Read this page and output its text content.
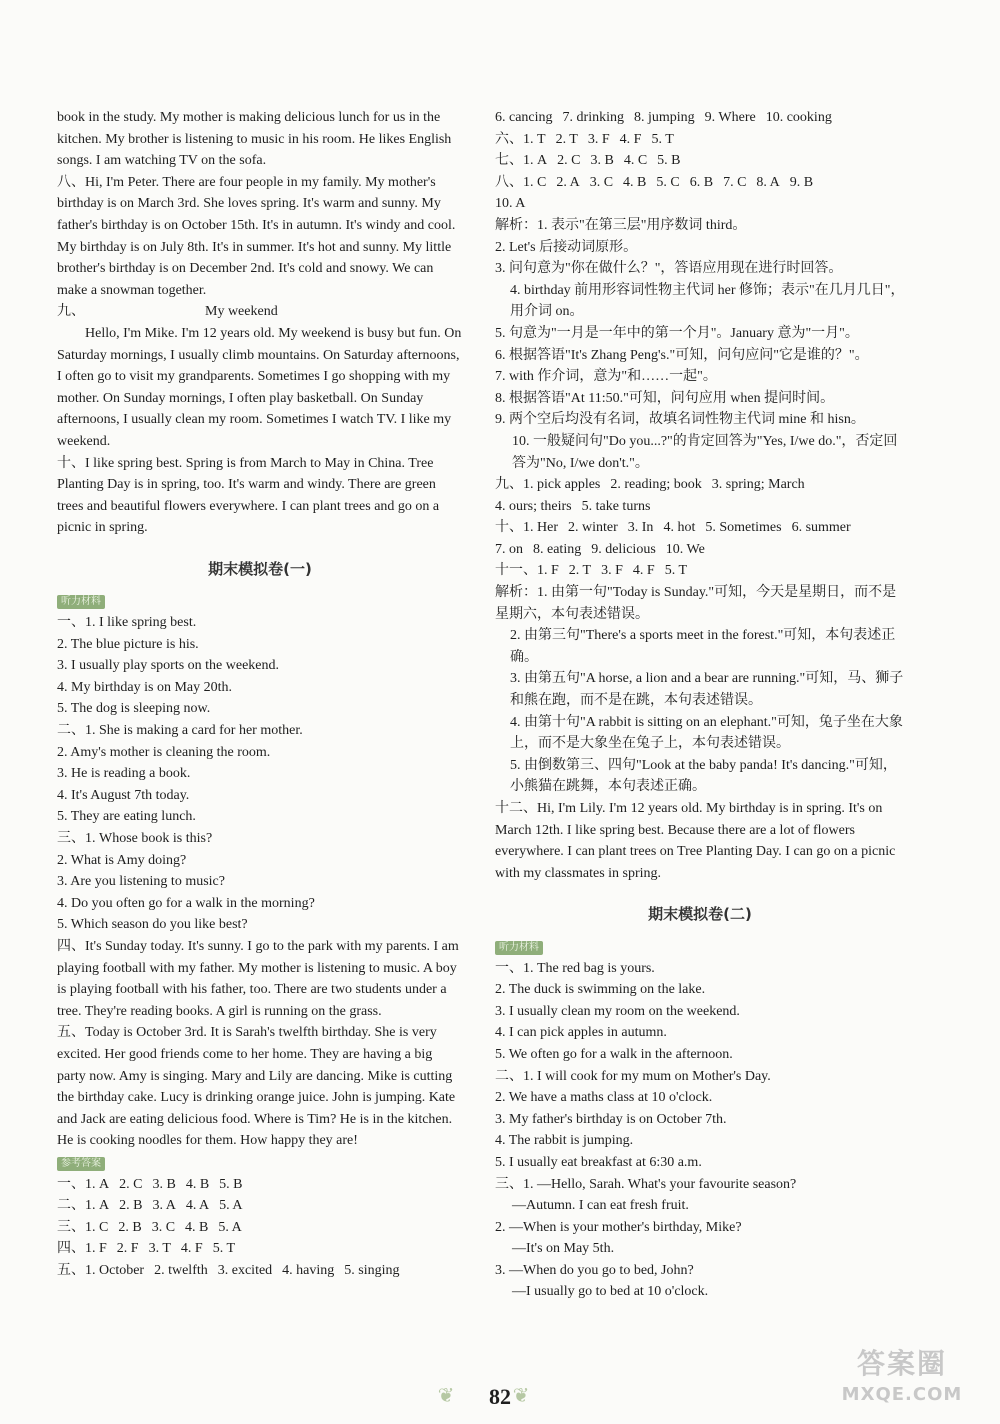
book in the study. My mother is making delicious lunch for us in the kitchen. My brother is listening to music in his room. He likes English songs. I am watching TV on the sofa.

八、Hi, I'm Peter. There are four people in my family. My mother's birthday is on March 3rd. She loves spring. It's warm and sunny. My father's birthday is on October 15th. It's in autumn. It's windy and cool. My birthday is on July 8th. It's in summer. It's hot and sunny. My little brother's birthday is on December 2nd. It's cold and snowy. We can make a snowman together.

九、	My weekend

Hello, I'm Mike. I'm 12 years old. My weekend is busy but fun. On Saturday mornings, I usually climb mountains. On Saturday afternoons, I often go to visit my grandparents. Sometimes I go shopping with my mother. On Sunday mornings, I often play basketball. On Sunday afternoons, I usually clean my room. Sometimes I watch TV. I like my weekend.

十、I like spring best. Spring is from March to May in China. Tree Planting Day is in spring, too. It's warm and windy. There are green trees and beautiful flowers everywhere. I can plant trees and go on a picnic in spring.

期末模拟卷(一)

听力材料

一、1. I like spring best.

2. The blue picture is his.

3. I usually play sports on the weekend.

4. My birthday is on May 20th.

5. The dog is sleeping now.

二、1. She is making a card for her mother.

2. Amy's mother is cleaning the room.

3. He is reading a book.

4. It's August 7th today.

5. They are eating lunch.

三、1. Whose book is this?

2. What is Amy doing?

3. Are you listening to music?

4. Do you often go for a walk in the morning?

5. Which season do you like best?

四、It's Sunday today. It's sunny. I go to the park with my parents. I am playing football with my father. My mother is listening to music. A boy is playing football with his father, too. There are two students under a tree. They're reading books. A girl is running on the grass.

五、Today is October 3rd. It is Sarah's twelfth birthday. She is very excited. Her good friends come to her home. They are having a big party now. Amy is singing. Mary and Lily are dancing. Mike is cutting the birthday cake. Lucy is drinking orange juice. John is jumping. Kate and Jack are eating delicious food. Where is Tim? He is in the kitchen. He is cooking noodles for them. How happy they are!

参考答案

一、1. A 2. C 3. B 4. B 5. B

二、1. A 2. B 3. A 4. A 5. A

三、1. C 2. B 3. C 4. B 5. A

四、1. F 2. F 3. T 4. F 5. T

五、1. October 2. twelfth 3. excited 4. having 5. singing

6. cancing 7. drinking 8. jumping 9. Where 10. cooking

六、1. T 2. T 3. F 4. F 5. T

七、1. A 2. C 3. B 4. C 5. B

八、1. C 2. A 3. C 4. B 5. C 6. B 7. C 8. A 9. B

10. A

解析：1. 表示"在第三层"用序数词 third。

2. Let's 后接动词原形。

3. 问句意为"你在做什么？"，答语应用现在进行时回答。

4. birthday 前用形容词性物主代词 her 修饰；表示"在几月几日"，用介词 on。

5. 句意为"一月是一年中的第一个月"。January 意为"一月"。

6. 根据答语"It's Zhang Peng's."可知，问句应问"它是谁的？"。

7. with 作介词，意为"和……一起"。

8. 根据答语"At 11:50."可知，问句应用 when 提问时间。

9. 两个空后均没有名词，故填名词性物主代词 mine 和 hisn。

10. 一般疑问句"Do you...?"的肯定回答为"Yes, I/we do."，否定回答为"No, I/we don't."。

九、1. pick apples 2. reading; book 3. spring; March

4. ours; theirs 5. take turns

十、1. Her 2. winter 3. In 4. hot 5. Sometimes 6. summer

7. on 8. eating 9. delicious 10. We

十一、1. F 2. T 3. F 4. F 5. T

解析：1. 由第一句"Today is Sunday."可知，今天是星期日，而不是星期六，本句表述错误。

2. 由第三句"There's a sports meet in the forest."可知，本句表述正确。

3. 由第五句"A horse, a lion and a bear are running."可知，马、狮子和熊在跑，而不是在跳，本句表述错误。

4. 由第十句"A rabbit is sitting on an elephant."可知，兔子坐在大象上，而不是大象坐在兔子上，本句表述错误。

5. 由倒数第三、四句"Look at the baby panda! It's dancing."可知，小熊猫在跳舞，本句表述正确。

十二、Hi, I'm Lily. I'm 12 years old. My birthday is in spring. It's on March 12th. I like spring best. Because there are a lot of flowers everywhere. I can plant trees on Tree Planting Day. I can go on a picnic with my classmates in spring.

期末模拟卷(二)

听力材料

一、1. The red bag is yours.

2. The duck is swimming on the lake.

3. I usually clean my room on the weekend.

4. I can pick apples in autumn.

5. We often go for a walk in the afternoon.

二、1. I will cook for my mum on Mother's Day.

2. We have a maths class at 10 o'clock.

3. My father's birthday is on October 7th.

4. The rabbit is jumping.

5. I usually eat breakfast at 6:30 a.m.

三、1. —Hello, Sarah. What's your favourite season?

—Autumn. I can eat fresh fruit.

2. —When is your mother's birthday, Mike?

—It's on May 5th.

3. —When do you go to bed, John?

—I usually go to bed at 10 o'clock.

❦	82 ❦
答案圈
MXQE.COM
